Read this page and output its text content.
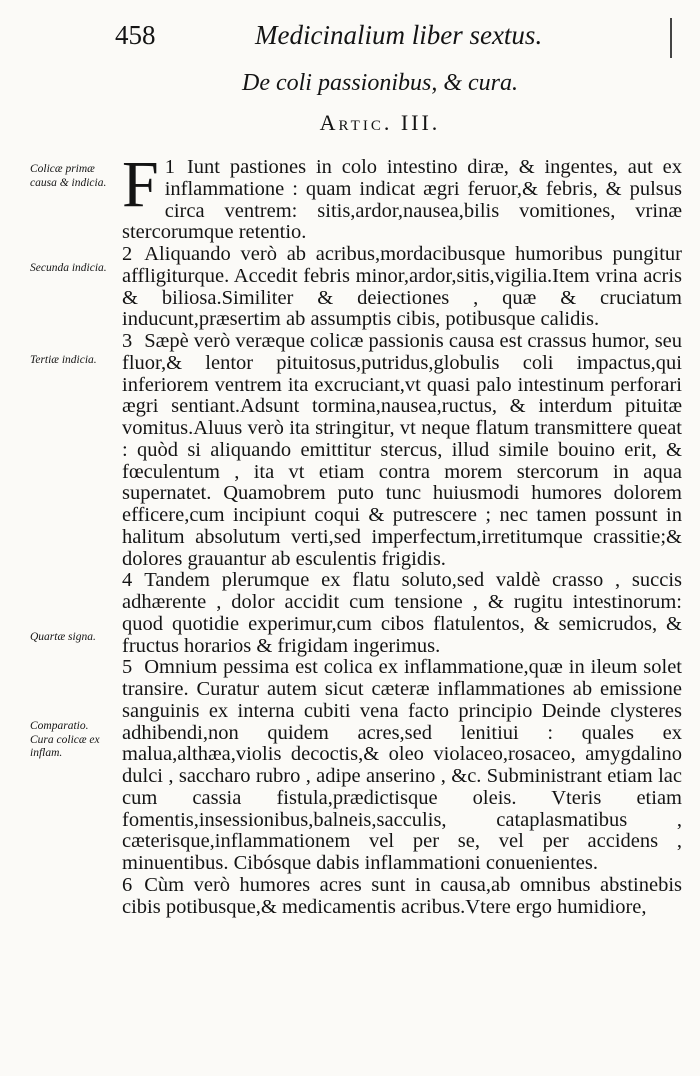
458	Medicinalium liber sextus.
De coli passionibus, & cura.
Artic. III.
Colicæ primæ causa & indicia.
Secunda indicia.
Tertiæ indicia.
Quartæ signa.
Comparatio. Cura colicæ ex inflam.

F 1 Iunt pastiones in colo intestino diræ, & ingentes, aut ex inflammatione : quam indicat ægri feruor,& febris, & pulsus circa ventrem: sitis,ardor,nausea,bilis vomitiones, vrinæ stercorumque retentio.

2 Aliquando verò ab acribus,mordacibusque humoribus pungitur affligiturque. Accedit febris minor,ardor,sitis,vigilia.Item vrina acris & biliosa.Similiter & deiectiones , quæ & cruciatum inducunt,præsertim ab assumptis cibis, potibusque calidis.

3 Sæpè verò veræque colicæ passionis causa est crassus humor, seu fluor,& lentor pituitosus,putridus,globulis coli impactus,qui inferiorem ventrem ita excruciant,vt quasi palo intestinum perforari ægri sentiant.Adsunt tormina,nausea,ructus, & interdum pituitæ vomitus.Aluus verò ita stringitur, vt neque flatum transmittere queat : quòd si aliquando emittitur stercus, illud simile bouino erit, & fœculentum , ita vt etiam contra morem stercorum in aqua supernatet. Quamobrem puto tunc huiusmodi humores dolorem efficere,cum incipiunt coqui & putrescere ; nec tamen possunt in halitum absolutum verti,sed imperfectum,irretitumque crassitie;& dolores grauantur ab esculentis frigidis.

4 Tandem plerumque ex flatu soluto,sed valdè crasso , succis adhærente , dolor accidit cum tensione , & rugitu intestinorum: quod quotidie experimur,cum cibos flatulentos, & semicrudos, & fructus horarios & frigidam ingerimus.

5 Omnium pessima est colica ex inflammatione,quæ in ileum solet transire. Curatur autem sicut cæteræ inflammationes ab emissione sanguinis ex interna cubiti vena facto principio Deinde clysteres adhibendi,non quidem acres,sed lenitiui : quales ex malua,althæa,violis decoctis,& oleo violaceo,rosaceo, amygdalino dulci , saccharo rubro , adipe anserino , &c. Subministrant etiam lac cum cassia fistula,prædictisque oleis. Vteris etiam fomentis,insessionibus,balneis,sacculis, cataplasmatibus , cæterisque,inflammationem vel per se, vel per accidens , minuentibus. Cibósque dabis inflammationi conuenientes.

6 Cùm verò humores acres sunt in causa,ab omnibus abstinebis cibis potibusque,& medicamentis acribus.Vtere ergo humidiore,
